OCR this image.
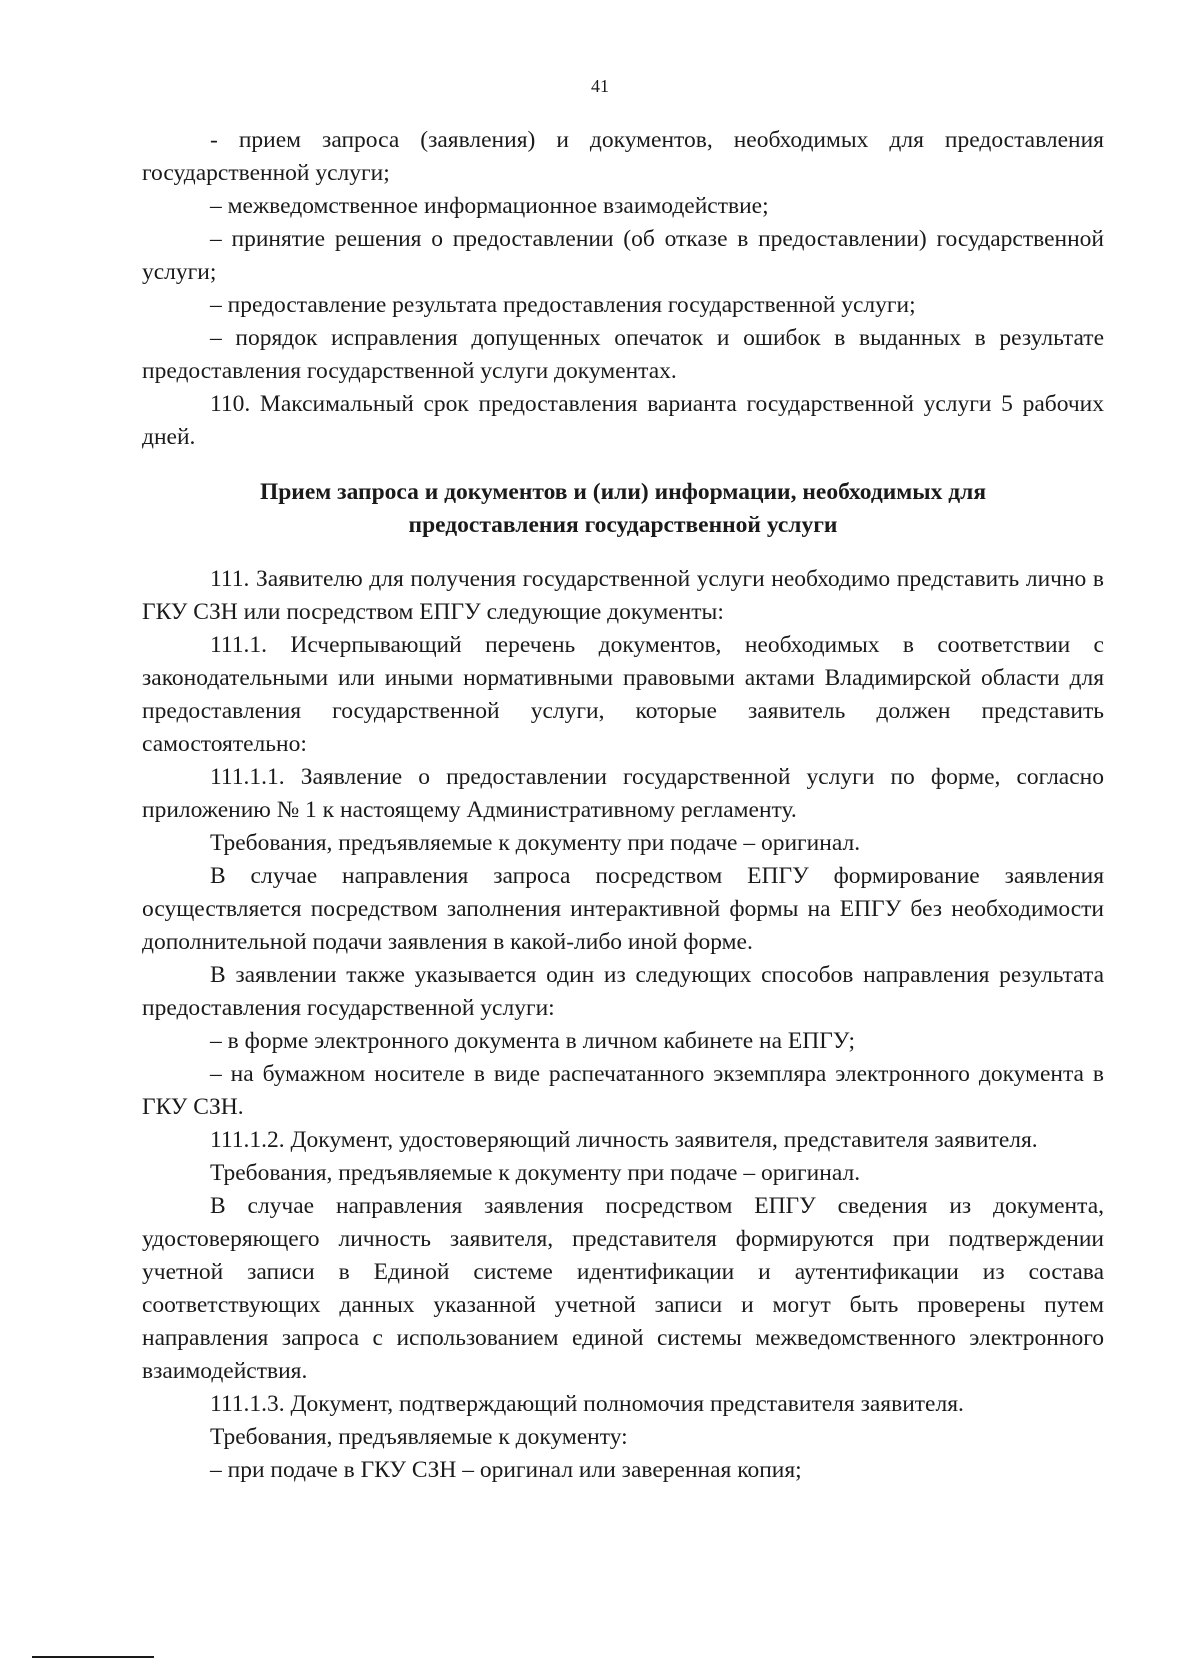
41

- прием запроса (заявления) и документов, необходимых для предоставления государственной услуги;

– межведомственное информационное взаимодействие;

– принятие решения о предоставлении (об отказе в предоставлении) государственной услуги;

– предоставление результата предоставления государственной услуги;

– порядок исправления допущенных опечаток и ошибок в выданных в результате предоставления государственной услуги документах.

110. Максимальный срок предоставления варианта государственной услуги 5 рабочих дней.

Прием запроса и документов и (или) информации, необходимых для
предоставления государственной услуги

111. Заявителю для получения государственной услуги необходимо представить лично в ГКУ СЗН или посредством ЕПГУ следующие документы:

111.1. Исчерпывающий перечень документов, необходимых в соответствии с законодательными или иными нормативными правовыми актами Владимирской области для предоставления государственной услуги, которые заявитель должен представить самостоятельно:

111.1.1. Заявление о предоставлении государственной услуги по форме, согласно приложению № 1 к настоящему Административному регламенту.

Требования, предъявляемые к документу при подаче – оригинал.

В случае направления запроса посредством ЕПГУ формирование заявления осуществляется посредством заполнения интерактивной формы на ЕПГУ без необходимости дополнительной подачи заявления в какой-либо иной форме.

В заявлении также указывается один из следующих способов направления результата предоставления государственной услуги:

– в форме электронного документа в личном кабинете на ЕПГУ;

– на бумажном носителе в виде распечатанного экземпляра электронного документа в ГКУ СЗН.

111.1.2. Документ, удостоверяющий личность заявителя, представителя заявителя.

Требования, предъявляемые к документу при подаче – оригинал.

В случае направления заявления посредством ЕПГУ сведения из документа, удостоверяющего личность заявителя, представителя формируются при подтверждении учетной записи в Единой системе идентификации и аутентификации из состава соответствующих данных указанной учетной записи и могут быть проверены путем направления запроса с использованием единой системы межведомственного электронного взаимодействия.

111.1.3. Документ, подтверждающий полномочия представителя заявителя.

Требования, предъявляемые к документу:

– при подаче в ГКУ СЗН – оригинал или заверенная копия;
